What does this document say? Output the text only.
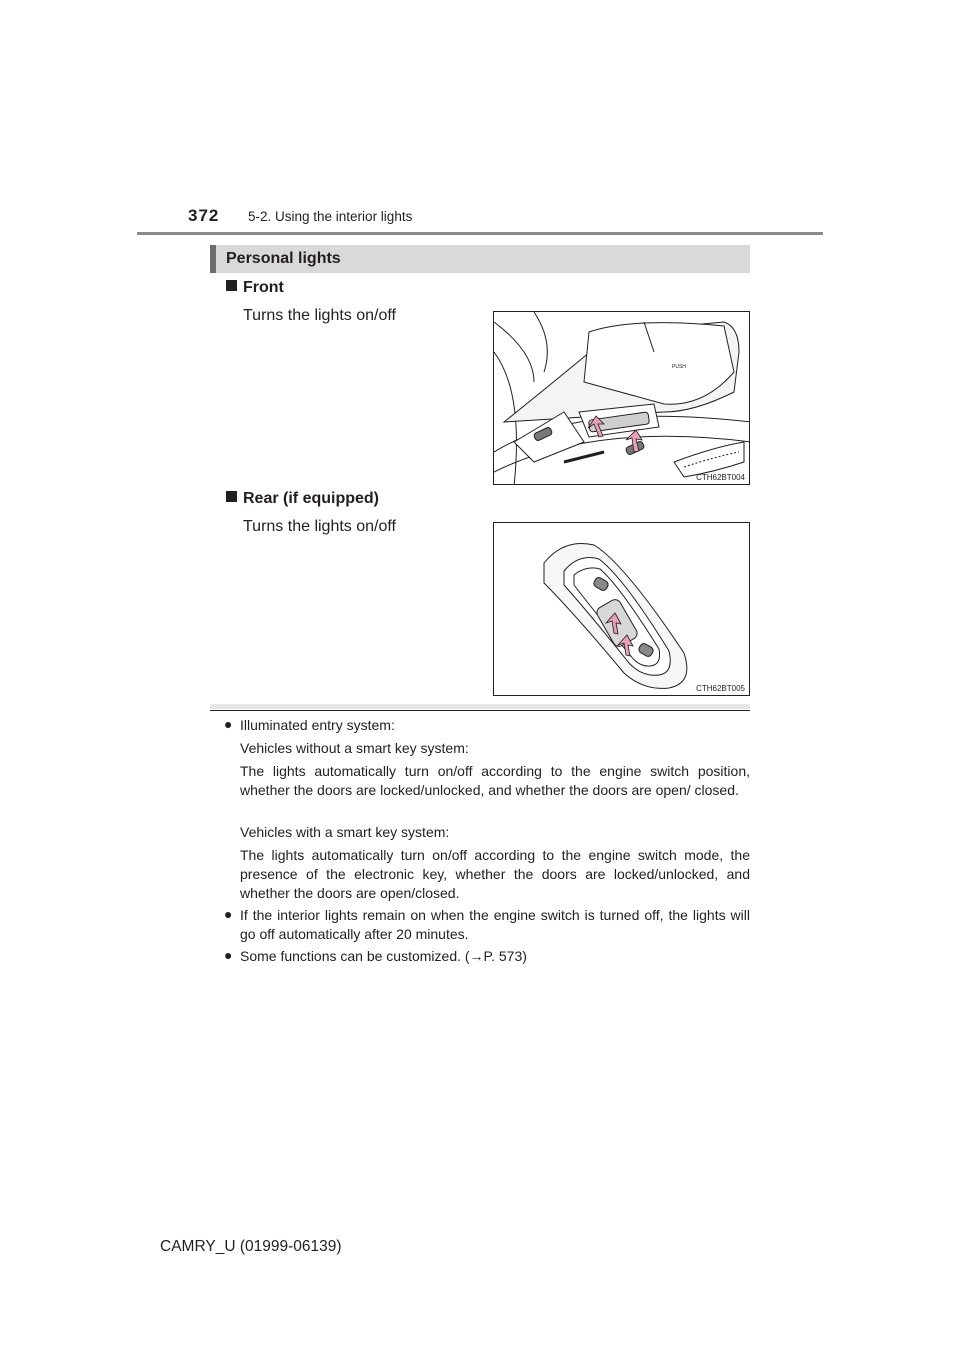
372 5-2. Using the interior lights
Personal lights
Front
Turns the lights on/off
PUSH
CTH62BT004
Rear (if equipped)
Turns the lights on/off
CTH62BT005
● Illuminated entry system:
Vehicles without a smart key system:
The lights automatically turn on/off according to the engine switch position, whether the doors are locked/unlocked, and whether the doors are open/ closed.
Vehicles with a smart key system:
The lights automatically turn on/off according to the engine switch mode, the presence of the electronic key, whether the doors are locked/unlocked, and whether the doors are open/closed.
● If the interior lights remain on when the engine switch is turned off, the lights will go off automatically after 20 minutes.
● Some functions can be customized. (→P. 573)
CAMRY_U (01999-06139)
